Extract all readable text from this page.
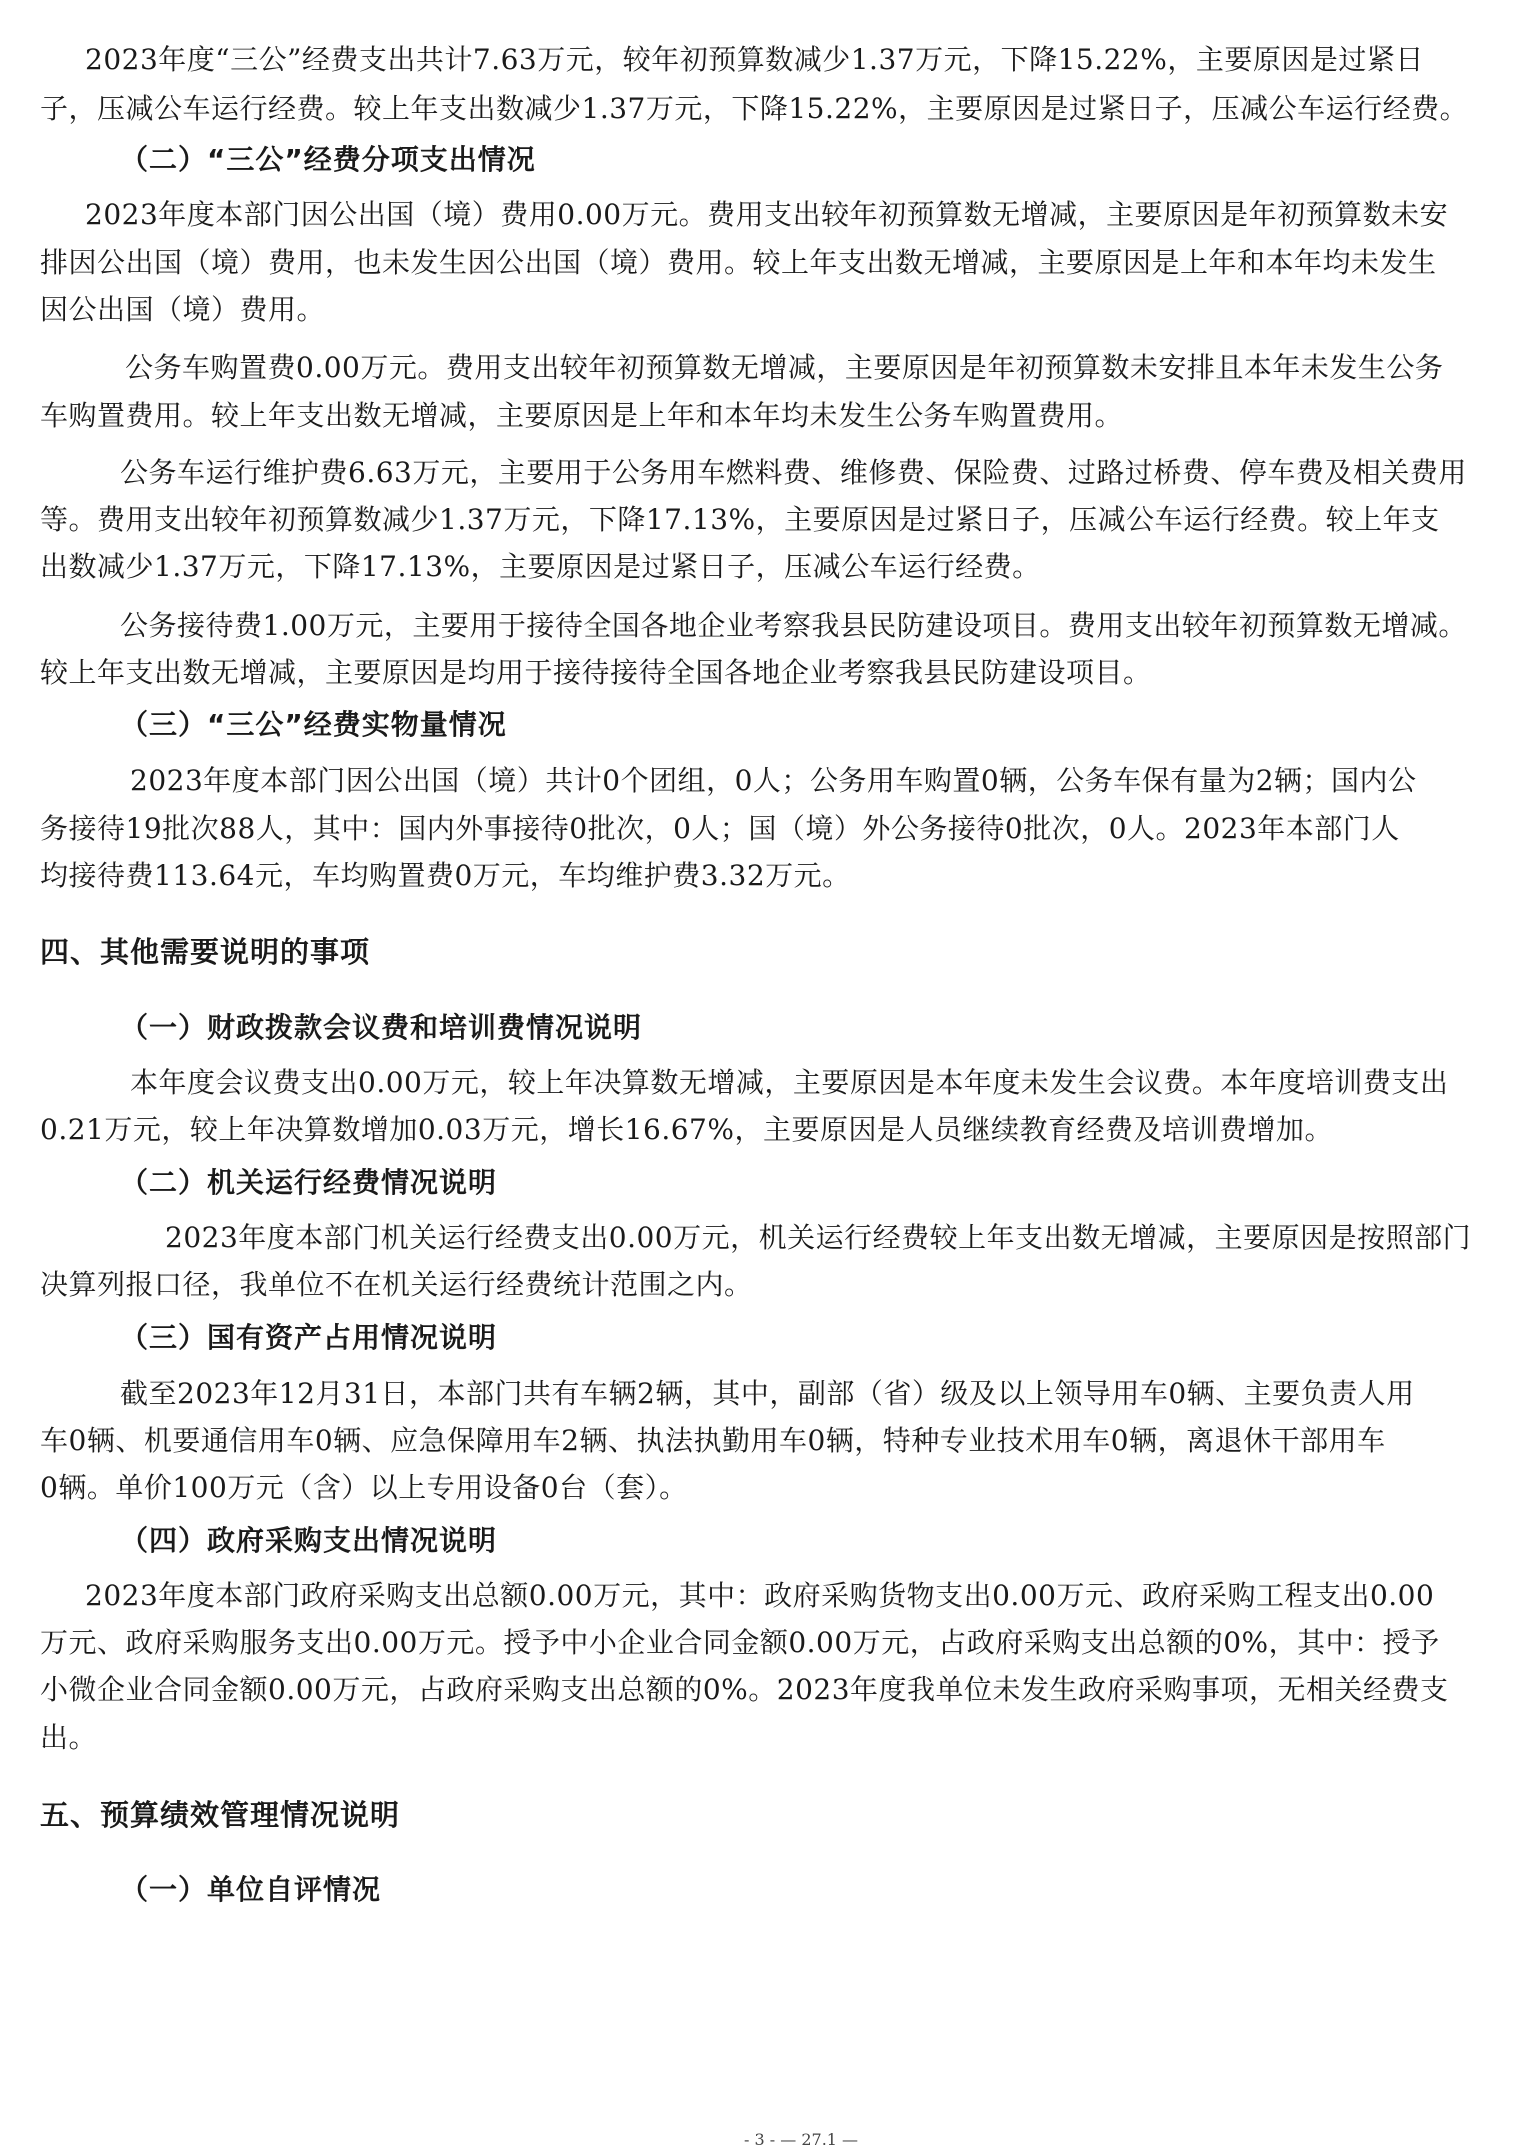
2023年度“三公”经费支出共计7.63万元，较年初预算数减少1.37万元，下降15.22%，主要原因是过紧日
子，压减公车运行经费。较上年支出数减少1.37万元，下降15.22%，主要原因是过紧日子，压减公车运行经费。
（二）“三公”经费分项支出情况
2023年度本部门因公出国（境）费用0.00万元。费用支出较年初预算数无增减，主要原因是年初预算数未安
排因公出国（境）费用，也未发生因公出国（境）费用。较上年支出数无增减，主要原因是上年和本年均未发生
因公出国（境）费用。
公务车购置费0.00万元。费用支出较年初预算数无增减，主要原因是年初预算数未安排且本年未发生公务
车购置费用。较上年支出数无增减，主要原因是上年和本年均未发生公务车购置费用。
公务车运行维护费6.63万元，主要用于公务用车燃料费、维修费、保险费、过路过桥费、停车费及相关费用
等。费用支出较年初预算数减少1.37万元，下降17.13%，主要原因是过紧日子，压减公车运行经费。较上年支
出数减少1.37万元，下降17.13%，主要原因是过紧日子，压减公车运行经费。
公务接待费1.00万元，主要用于接待全国各地企业考察我县民防建设项目。费用支出较年初预算数无增减。
较上年支出数无增减，主要原因是均用于接待接待全国各地企业考察我县民防建设项目。
（三）“三公”经费实物量情况
2023年度本部门因公出国（境）共计0个团组，0人；公务用车购置0辆，公务车保有量为2辆；国内公
务接待19批次88人，其中：国内外事接待0批次，0人；国（境）外公务接待0批次，0人。2023年本部门人
均接待费113.64元，车均购置费0万元，车均维护费3.32万元。
四、其他需要说明的事项
（一）财政拨款会议费和培训费情况说明
本年度会议费支出0.00万元，较上年决算数无增减，主要原因是本年度未发生会议费。本年度培训费支出
0.21万元，较上年决算数增加0.03万元，增长16.67%，主要原因是人员继续教育经费及培训费增加。
（二）机关运行经费情况说明
2023年度本部门机关运行经费支出0.00万元，机关运行经费较上年支出数无增减，主要原因是按照部门
决算列报口径，我单位不在机关运行经费统计范围之内。
（三）国有资产占用情况说明
截至2023年12月31日，本部门共有车辆2辆，其中，副部（省）级及以上领导用车0辆、主要负责人用
车0辆、机要通信用车0辆、应急保障用车2辆、执法执勤用车0辆，特种专业技术用车0辆，离退休干部用车
0辆。单价100万元（含）以上专用设备0台（套）。
（四）政府采购支出情况说明
2023年度本部门政府采购支出总额0.00万元，其中：政府采购货物支出0.00万元、政府采购工程支出0.00
万元、政府采购服务支出0.00万元。授予中小企业合同金额0.00万元，占政府采购支出总额的0%，其中：授予
小微企业合同金额0.00万元，占政府采购支出总额的0%。2023年度我单位未发生政府采购事项，无相关经费支
出。
五、预算绩效管理情况说明
（一）单位自评情况
- 3 - — 27.1 —
